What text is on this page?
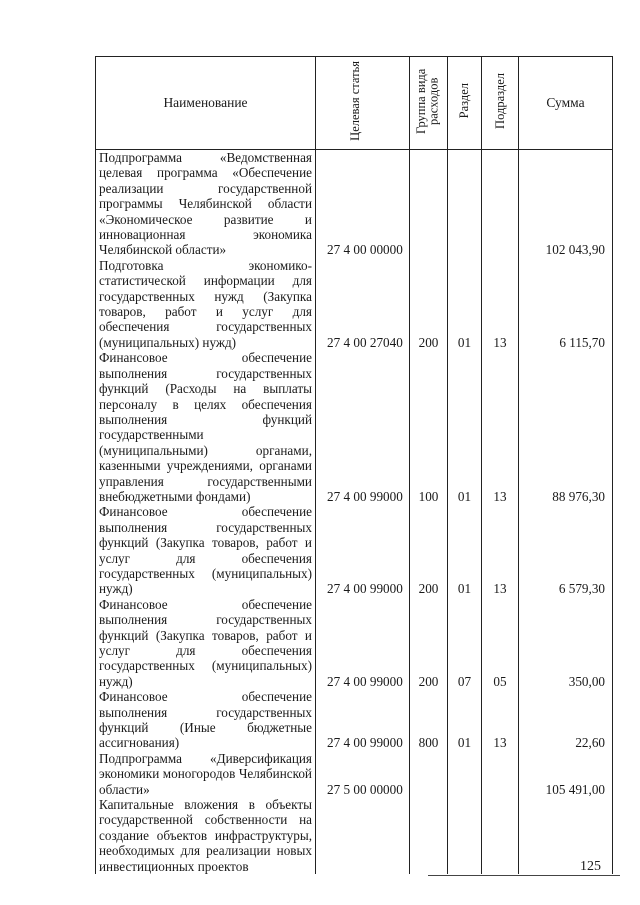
Наименование	Целевая статья	Группа вида расходов	Раздел	Подраздел	Сумма
Подпрограмма «Ведомственная целевая программа «Обеспечение реализации государственной программы Челябинской области «Экономическое развитие и инновационная экономика Челябинской области»	27 4 00 00000				102 043,90
Подготовка экономико-статистической информации для государственных нужд (Закупка товаров, работ и услуг для обеспечения государственных (муниципальных) нужд)	27 4 00 27040	200	01	13	6 115,70
Финансовое обеспечение выполнения государственных функций (Расходы на выплаты персоналу в целях обеспечения выполнения функций государственными (муниципальными) органами, казенными учреждениями, органами управления государственными внебюджетными фондами)	27 4 00 99000	100	01	13	88 976,30
Финансовое обеспечение выполнения государственных функций (Закупка товаров, работ и услуг для обеспечения государственных (муниципальных) нужд)	27 4 00 99000	200	01	13	6 579,30
Финансовое обеспечение выполнения государственных функций (Закупка товаров, работ и услуг для обеспечения государственных (муниципальных) нужд)	27 4 00 99000	200	07	05	350,00
Финансовое обеспечение выполнения государственных функций (Иные бюджетные ассигнования)	27 4 00 99000	800	01	13	22,60
Подпрограмма «Диверсификация экономики моногородов Челябинской области»	27 5 00 00000				105 491,00
Капитальные вложения в объекты государственной собственности на создание объектов инфраструктуры, необходимых для реализации новых инвестиционных проектов						125
